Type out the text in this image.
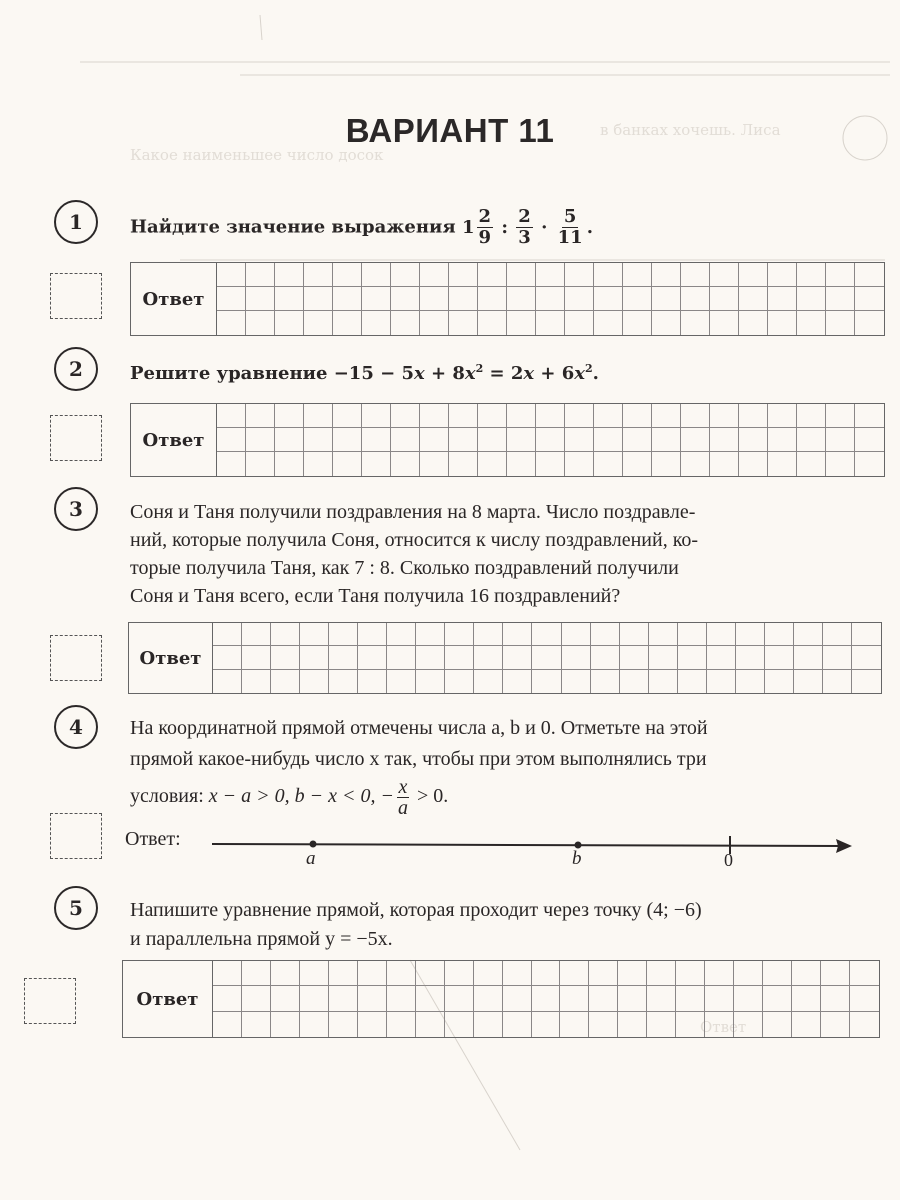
в банках хочешь. Лиса
Какое наименьшее число досок
Ответ
ВАРИАНТ 11
1	Найдите значение выражения $1 \frac{2}{9}$ : $\frac{2}{3} \cdot \frac{5}{11}$ .
Ответ
2	Решите уравнение $-15 - 5x + 8x^2 = 2x + 6x^2$.
Ответ
3	Соня и Таня получили поздравления на 8 марта. Число поздравле-
ний, которые получила Соня, относится к числу поздравлений, ко-
торые получила Таня, как 7 : 8. Сколько поздравлений получили
Соня и Таня всего, если Таня получила 16 поздравлений?
Ответ
4	На координатной прямой отмечены числа a, b и 0. Отметьте на этой
прямой какое-нибудь число x так, чтобы при этом выполнялись три
условия: x − a > 0, b − x < 0, − $\frac{x}{a} > 0$.
Ответ:
a	b	0
5	Напишите уравнение прямой, которая проходит через точку (4; −6)
и параллельна прямой y = −5x.
Ответ
